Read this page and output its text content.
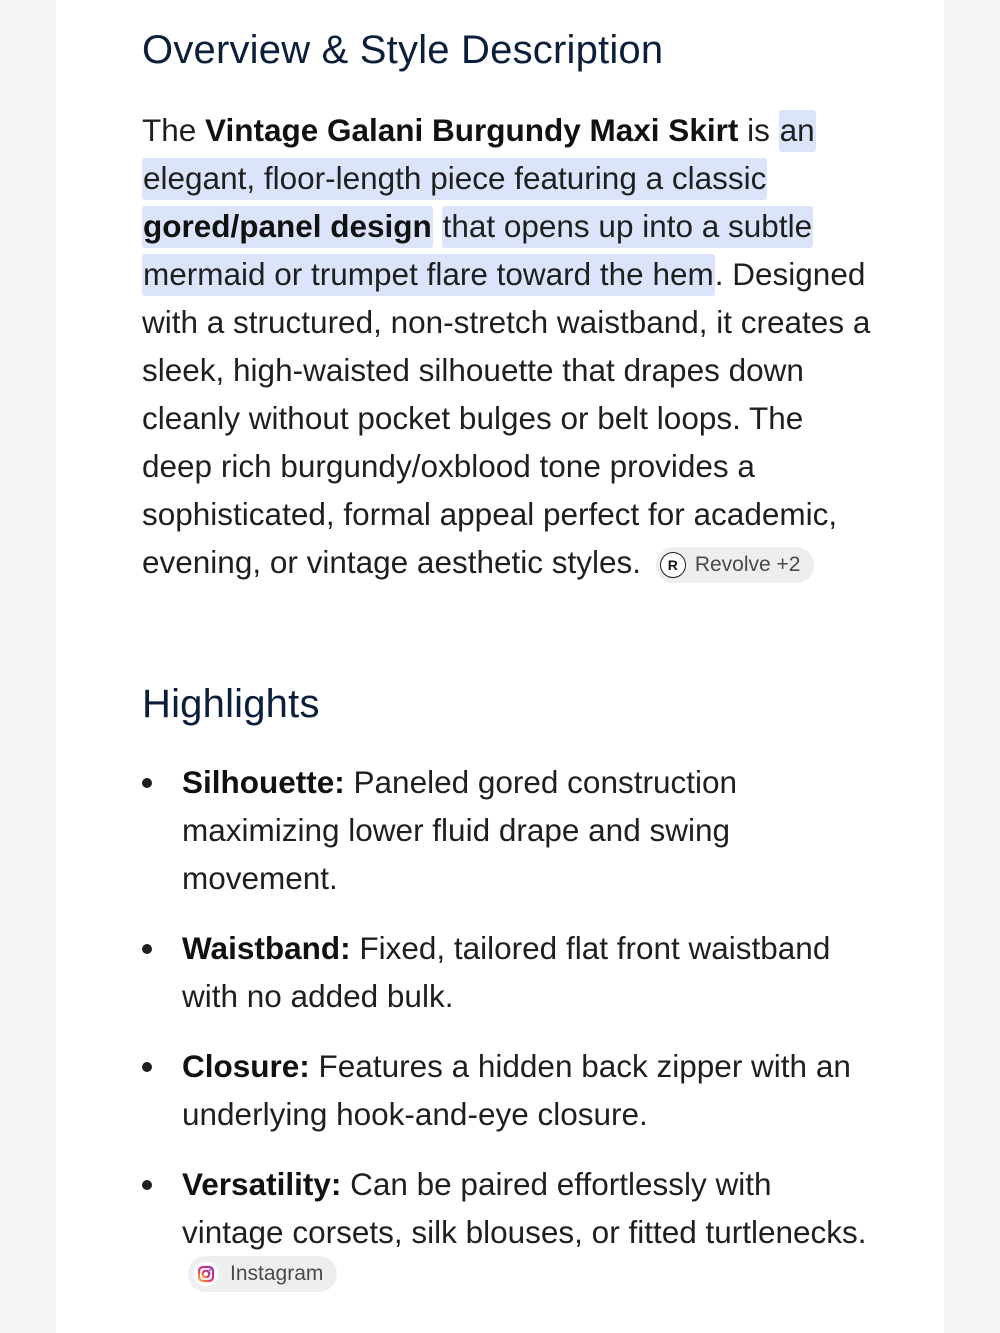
Overview & Style Description

The Vintage Galani Burgundy Maxi Skirt is an elegant, floor-length piece featuring a classic gored/panel design that opens up into a subtle mermaid or trumpet flare toward the hem. Designed with a structured, non-stretch waistband, it creates a sleek, high-waisted silhouette that drapes down cleanly without pocket bulges or belt loops. The deep rich burgundy/oxblood tone provides a sophisticated, formal appeal perfect for academic, evening, or vintage aesthetic styles.	R Revolve +2

Highlights
Silhouette: Paneled gored construction maximizing lower fluid drape and swing movement.
Waistband: Fixed, tailored flat front waistband with no added bulk.
Closure: Features a hidden back zipper with an underlying hook-and-eye closure.
Versatility: Can be paired effortlessly with vintage corsets, silk blouses, or fitted turtlenecks.
Instagram
